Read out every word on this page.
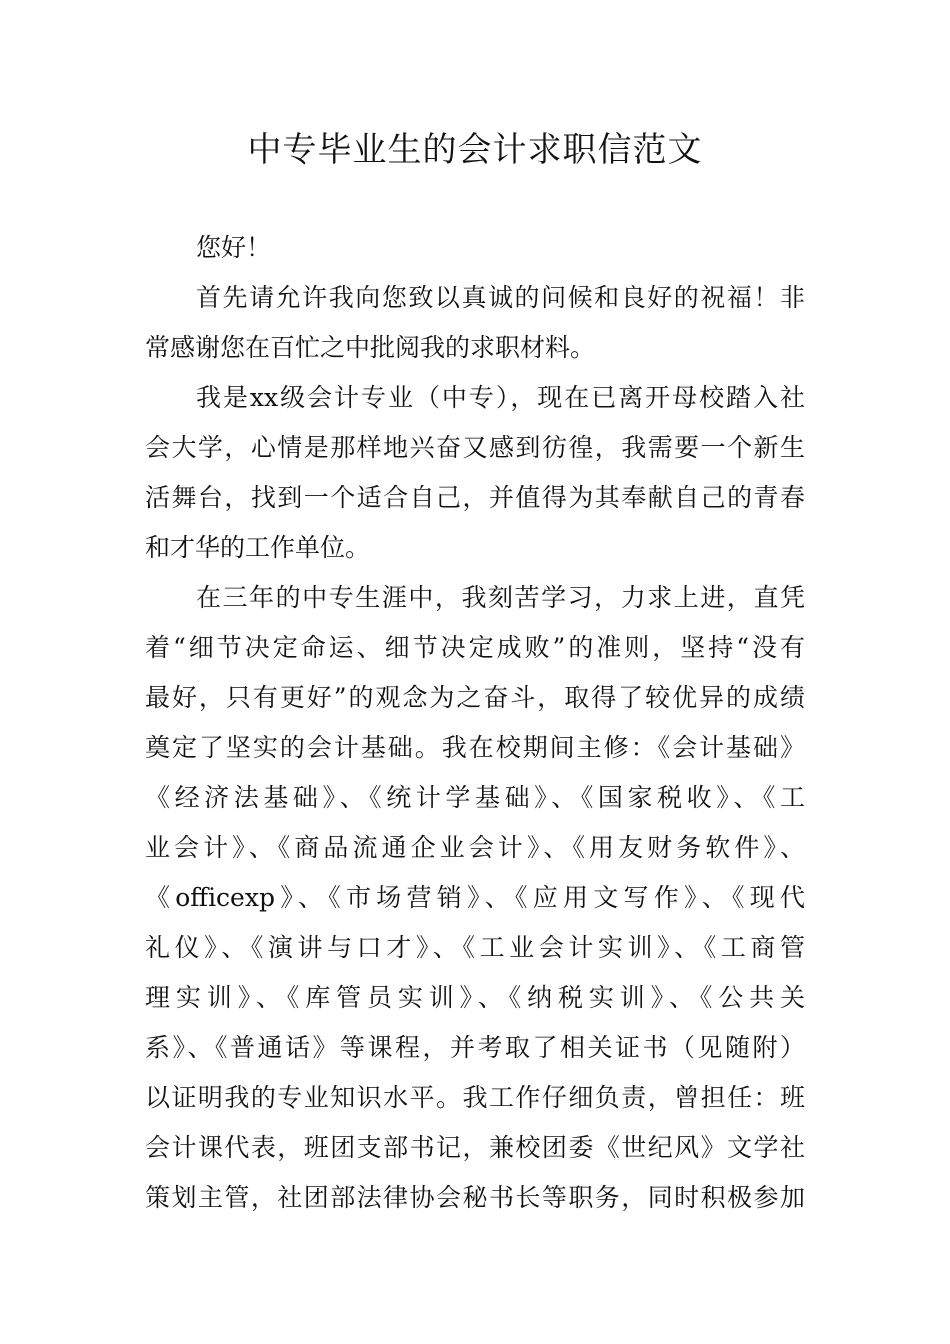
中专毕业生的会计求职信范文
您好！
首先请允许我向您致以真诚的问候和良好的祝福！非
常感谢您在百忙之中批阅我的求职材料。
我是xx级会计专业（中专），现在已离开母校踏入社
会大学，心情是那样地兴奋又感到彷徨，我需要一个新生
活舞台，找到一个适合自己，并值得为其奉献自己的青春
和才华的工作单位。
在三年的中专生涯中，我刻苦学习，力求上进，直凭
着“细节决定命运、细节决定成败”的准则，坚持“没有
最好，只有更好”的观念为之奋斗，取得了较优异的成绩
奠定了坚实的会计基础。我在校期间主修：《会计基础》
《经济法基础》、《统计学基础》、《国家税收》、《工
业会计》、《商品流通企业会计》、《用友财务软件》、
《officexp》、《市场营销》、《应用文写作》、《现代
礼仪》、《演讲与口才》、《工业会计实训》、《工商管
理实训》、《库管员实训》、《纳税实训》、《公共关
系》、《普通话》等课程，并考取了相关证书（见随附）
以证明我的专业知识水平。我工作仔细负责，曾担任：班
会计课代表，班团支部书记，兼校团委《世纪风》文学社
策划主管，社团部法律协会秘书长等职务，同时积极参加
